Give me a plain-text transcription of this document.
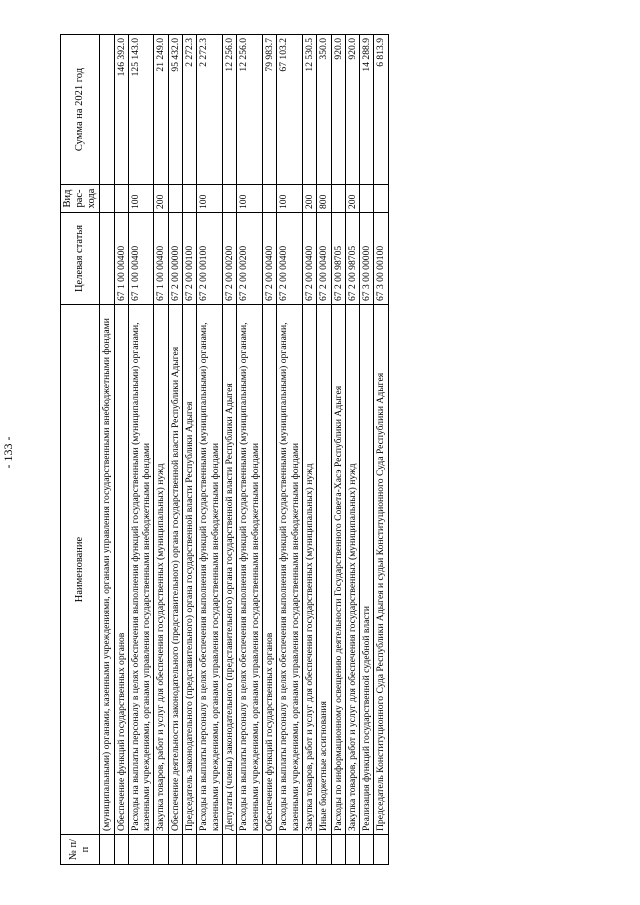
- 133 -
№ п/п	Наименование	Целевая статья	Вид рас-хода	Сумма на 2021 год
	(муниципальными) органами, казенными учреждениями, органами управления государственными внебюджетными фондами			
	Обеспечение функций государственных органов	67 1 00 00400		146 392.0
	Расходы на выплаты персоналу в целях обеспечения выполнения функций государственными (муниципальными) органами, казенными учреждениями, органами управления государственными внебюджетными фондами	67 1 00 00400	100	125 143.0
	Закупка товаров, работ и услуг для обеспечения государственных (муниципальных) нужд	67 1 00 00400	200	21 249.0
	Обеспечение деятельности законодательного (представительного) органа государственной власти Республики Адыгея	67 2 00 00000		95 432.0
	Председатель законодательного (представительного) органа государственной власти Республики Адыгея	67 2 00 00100		2 272.3
	Расходы на выплаты персоналу в целях обеспечения выполнения функций государственными (муниципальными) органами, казенными учреждениями, органами управления государственными внебюджетными фондами	67 2 00 00100	100	2 272.3
	Депутаты (члены) законодательного (представительного) органа государственной власти Республики Адыгея	67 2 00 00200		12 256.0
	Расходы на выплаты персоналу в целях обеспечения выполнения функций государственными (муниципальными) органами, казенными учреждениями, органами управления государственными внебюджетными фондами	67 2 00 00200	100	12 256.0
	Обеспечение функций государственных органов	67 2 00 00400		79 983.7
	Расходы на выплаты персоналу в целях обеспечения выполнения функций государственными (муниципальными) органами, казенными учреждениями, органами управления государственными внебюджетными фондами	67 2 00 00400	100	67 103.2
	Закупка товаров, работ и услуг для обеспечения государственных (муниципальных) нужд	67 2 00 00400	200	12 530.5
	Иные бюджетные ассигнования	67 2 00 00400	800	350.0
	Расходы по информационному освещению деятельности Государственного Совета-Хасэ Республики Адыгея	67 2 00 98705		920.0
	Закупка товаров, работ и услуг для обеспечения государственных (муниципальных) нужд	67 2 00 98705	200	920.0
	Реализация функций государственной судебной власти	67 3 00 00000		14 288.9
	Председатель Конституционного Суда Республики Адыгея и судьи Конституционного Суда Республики Адыгея	67 3 00 00100		6 813.9
